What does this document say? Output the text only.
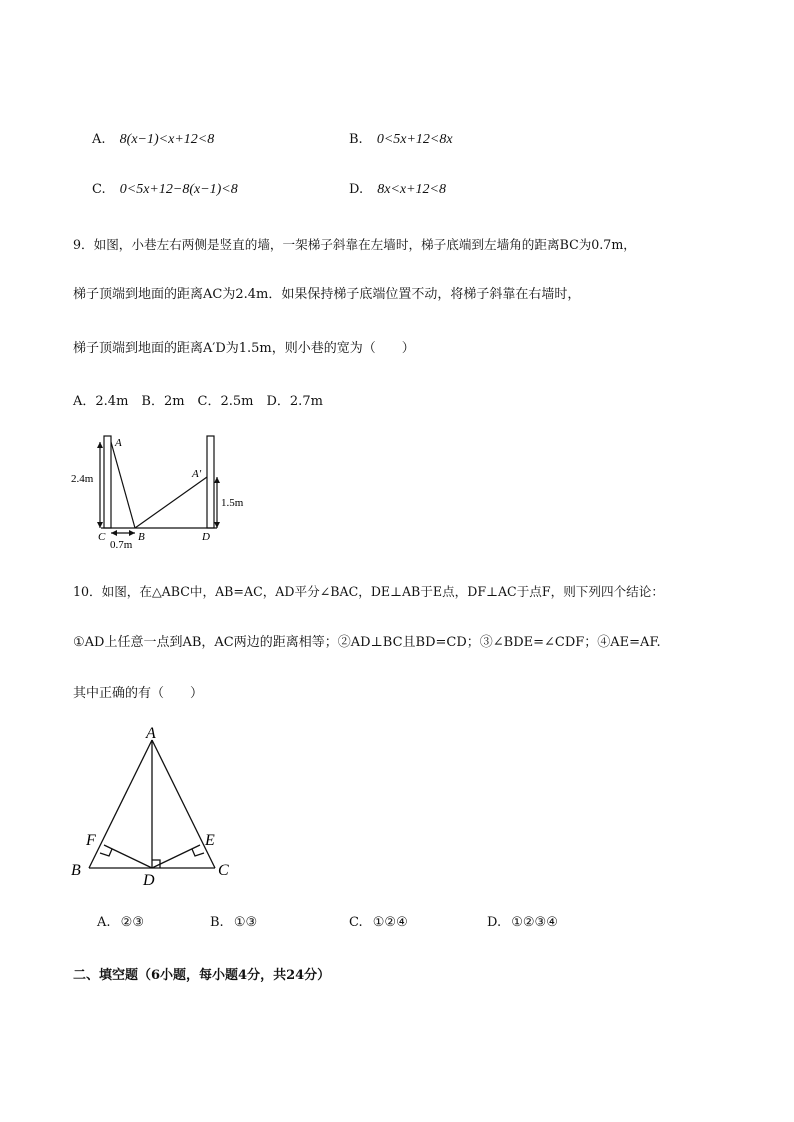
A. 8(x−1)<x+12<8	B. 0<5x+12<8x
C. 0<5x+12−8(x−1)<8	D. 8x<x+12<8
9．如图，小巷左右两侧是竖直的墙，一架梯子斜靠在左墙时，梯子底端到左墙角的距离BC为0.7m，
梯子顶端到地面的距离AC为2.4m．如果保持梯子底端位置不动，将梯子斜靠在右墙时，
梯子顶端到地面的距离A′D为1.5m，则小巷的宽为（　　）
A．2.4m　B．2m　C．2.5m　D．2.7m
A
A′
B
C	D
2.4m
1.5m
0.7m
10．如图，在△ABC中，AB=AC，AD平分∠BAC，DE⊥AB于E点，DF⊥AC于点F，则下列四个结论：
①AD上任意一点到AB，AC两边的距离相等；②AD⊥BC且BD=CD；③∠BDE=∠CDF；④AE=AF.
其中正确的有（　　）
A
B	C
D
E
F
A. ②③	B. ①③	C. ①②④	D. ①②③④
二、填空题（6小题，每小题4分，共24分）
